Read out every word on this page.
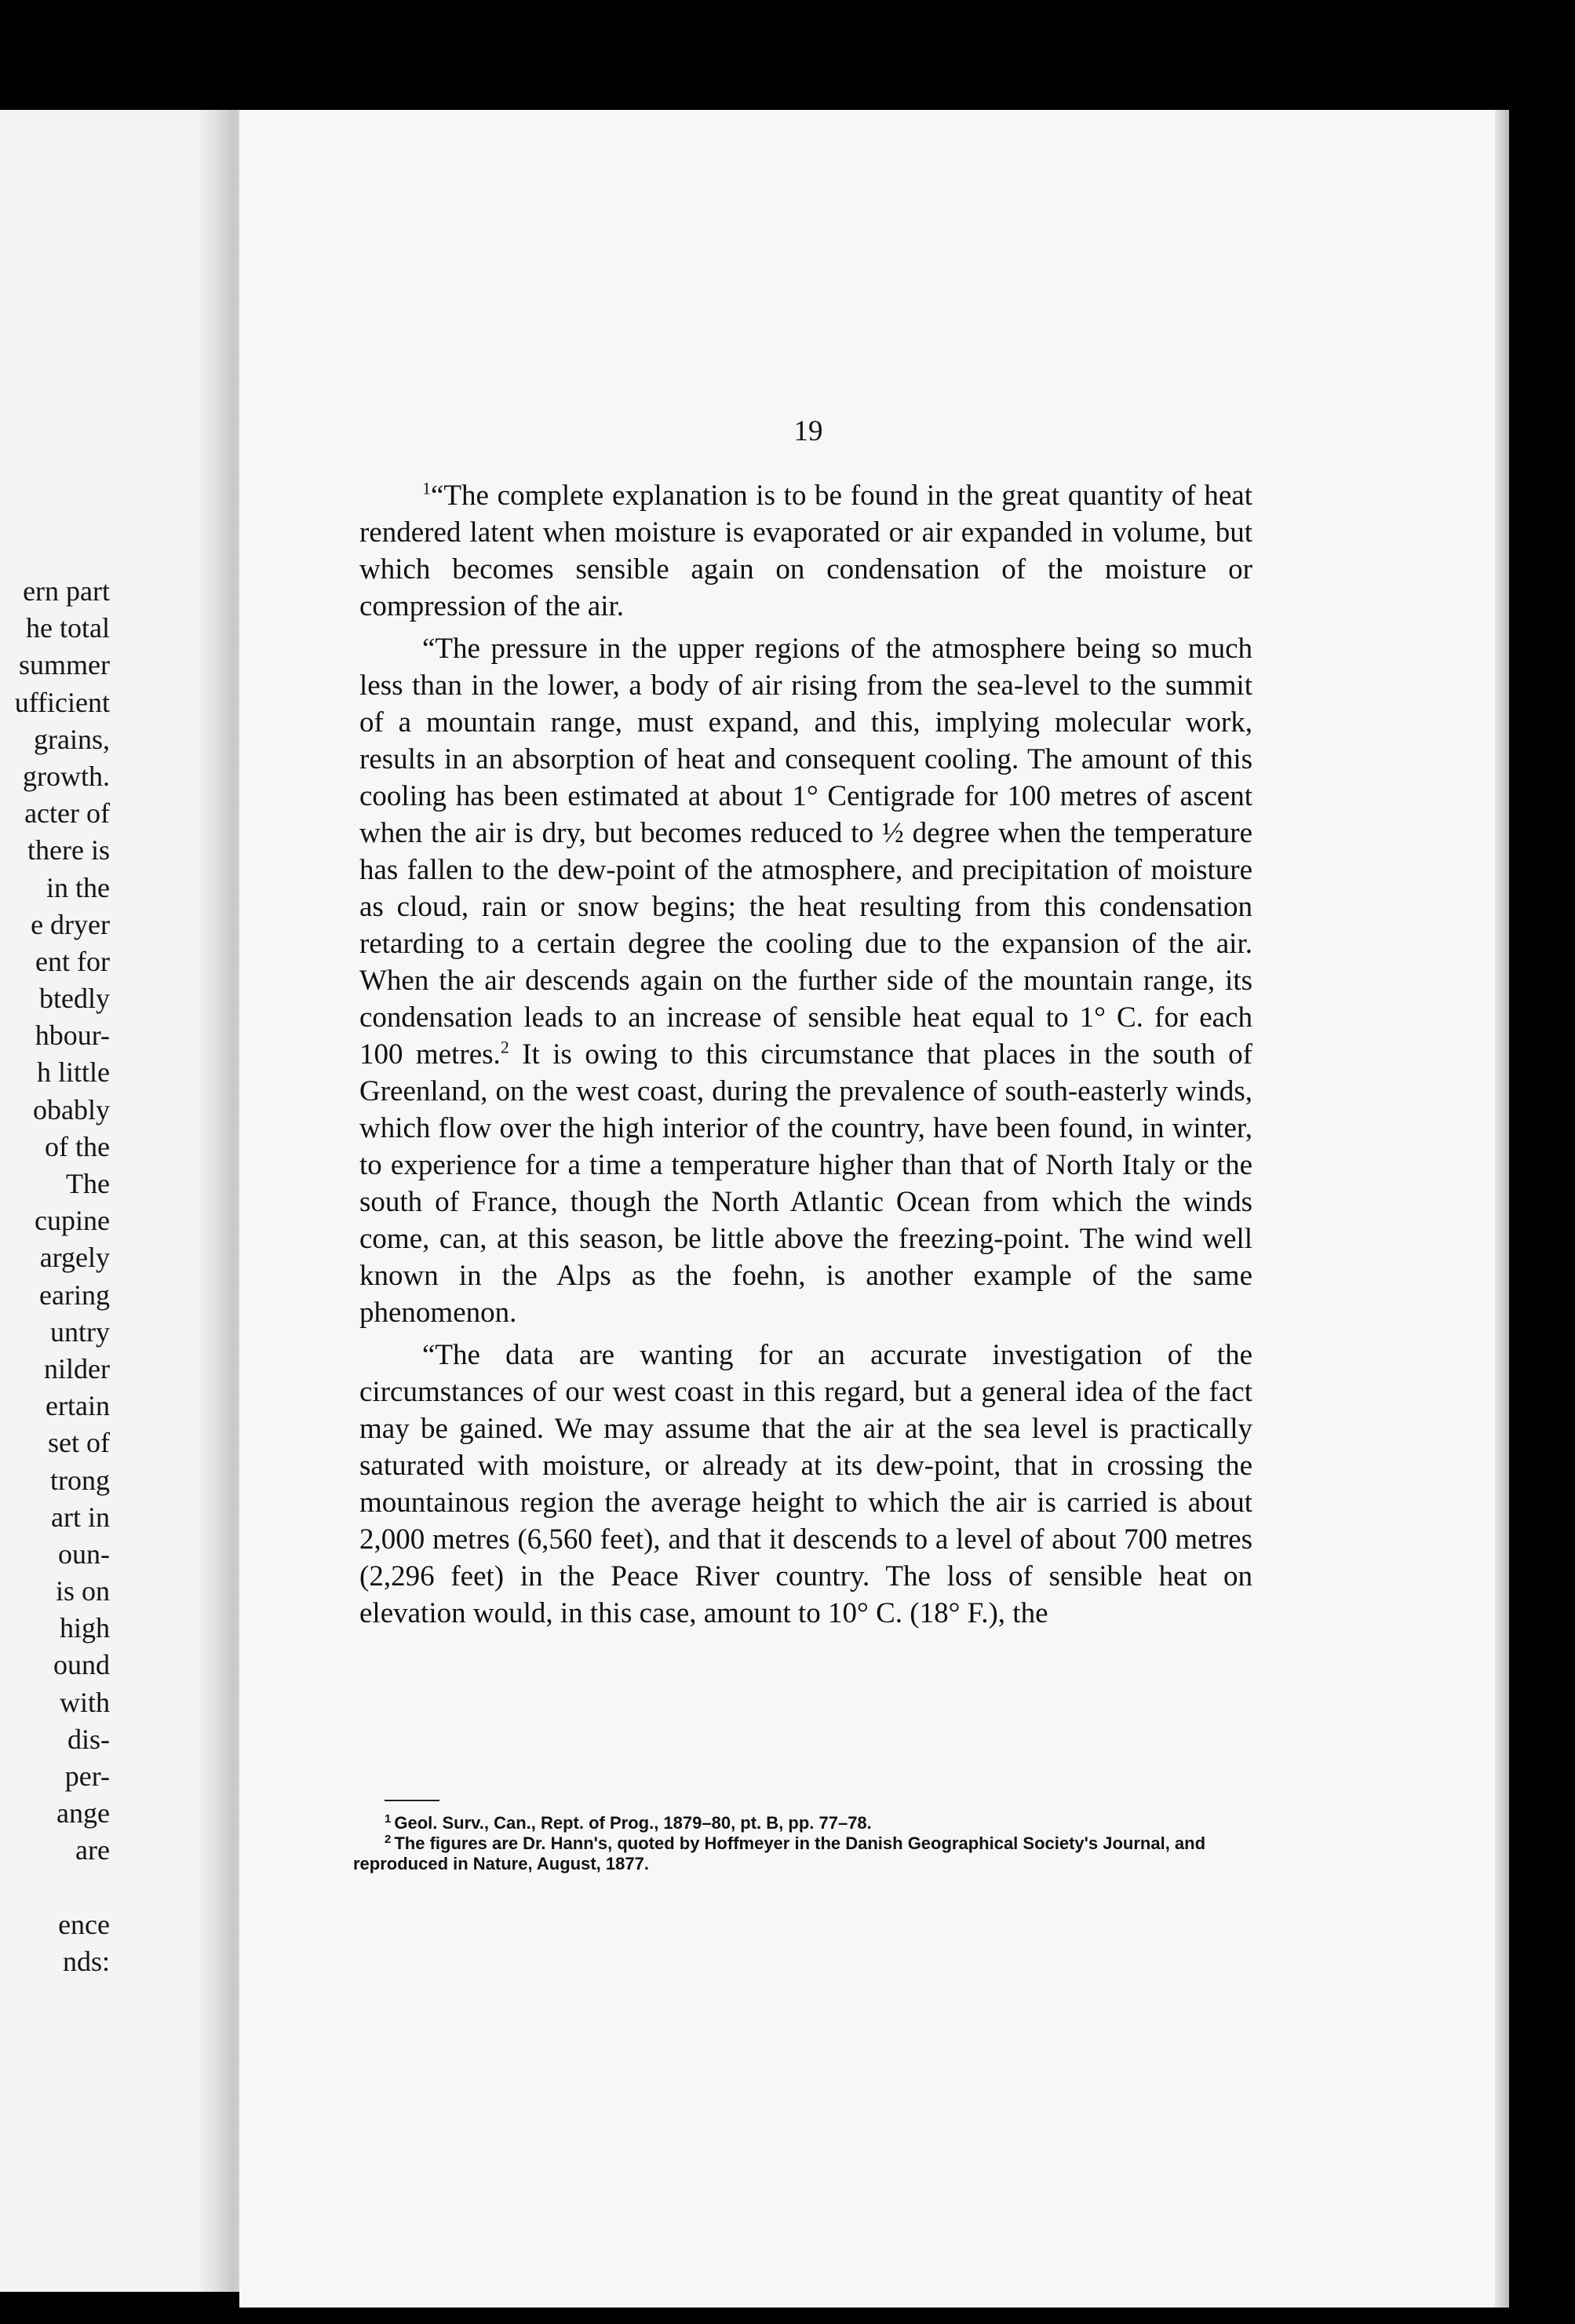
ern part
he total
summer
ufficient
grains,
growth.
acter of
there is
in the
e dryer
ent for
btedly
hbour-
h little
obably
of the
The
cupine
argely
earing
untry
nilder
ertain
set of
trong
art in
oun-
is on
high
ound
with
dis-
per-
ange
are
ence
nds:
19

$^1$“The complete explanation is to be found in the great quantity of heat rendered latent when moisture is evaporated or air expanded in volume, but which becomes sensible again on condensation of the moisture or compression of the air.

“The pressure in the upper regions of the atmosphere being so much less than in the lower, a body of air rising from the sea-level to the summit of a mountain range, must expand, and this, implying molecular work, results in an absorption of heat and consequent cooling. The amount of this cooling has been estimated at about 1° Centigrade for 100 metres of ascent when the air is dry, but becomes reduced to ½ degree when the temperature has fallen to the dew-point of the atmosphere, and precipitation of moisture as cloud, rain or snow begins; the heat resulting from this condensation retarding to a certain degree the cooling due to the expansion of the air. When the air descends again on the further side of the mountain range, its condensation leads to an increase of sensible heat equal to 1° C. for each 100 metres.$^2$ It is owing to this circumstance that places in the south of Greenland, on the west coast, during the prevalence of south-easterly winds, which flow over the high interior of the country, have been found, in winter, to experience for a time a temperature higher than that of North Italy or the south of France, though the North Atlantic Ocean from which the winds come, can, at this season, be little above the freezing-point. The wind well known in the Alps as the foehn, is another example of the same phenomenon.

“The data are wanting for an accurate investigation of the circumstances of our west coast in this regard, but a general idea of the fact may be gained. We may assume that the air at the sea level is practically saturated with moisture, or already at its dew-point, that in crossing the mountainous region the average height to which the air is carried is about 2,000 metres (6,560 feet), and that it descends to a level of about 700 metres (2,296 feet) in the Peace River country. The loss of sensible heat on elevation would, in this case, amount to 10° C. (18° F.), the

$^1$ Geol. Surv., Can., Rept. of Prog., 1879–80, pt. B, pp. 77–78.
$^2$ The figures are Dr. Hann's, quoted by Hoffmeyer in the Danish Geographical Society's Journal, and reproduced in Nature, August, 1877.
